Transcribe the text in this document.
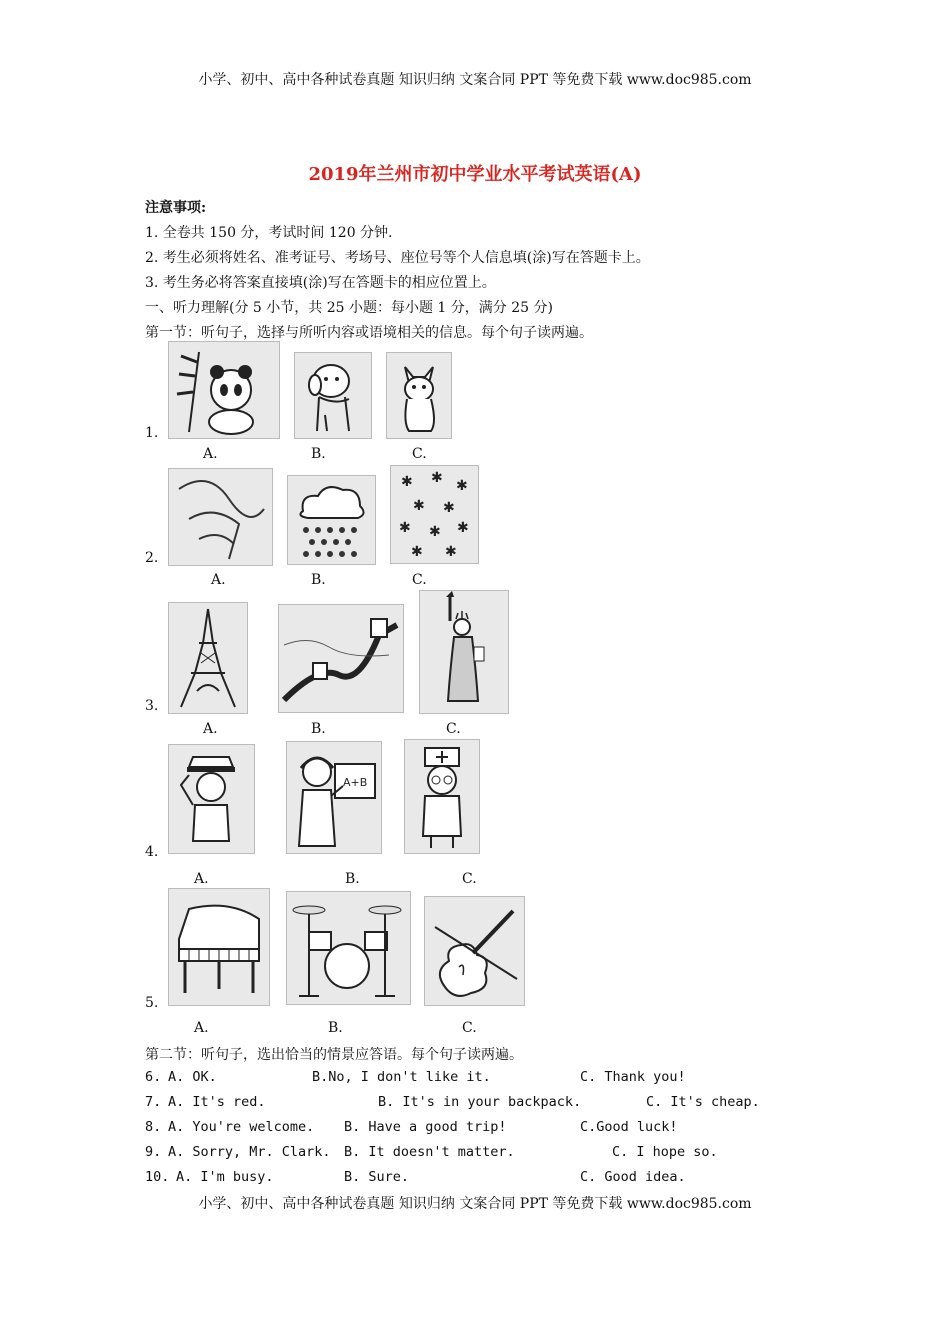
小学、初中、高中各种试卷真题 知识归纳 文案合同 PPT 等免费下载 www.doc985.com
2019年兰州市初中学业水平考试英语(A)
注意事项:
1. 全卷共 150 分，考试时间 120 分钟.
2. 考生必须将姓名、准考证号、考场号、座位号等个人信息填(涂)写在答题卡上。
3. 考生务必将答案直接填(涂)写在答题卡的相应位置上。
一、听力理解(分 5 小节，共 25 小题：每小题 1 分，满分 25 分)
第一节：听句子，选择与所听内容或语境相关的信息。每个句子读两遍。
1.
A.	B.	C.
2.
✱ ✱ ✱
✱ ✱
✱ ✱ ✱
✱ ✱
A.	B.	C.
3.
A.	B.	C.
4.
A+B
A.	B.	C.
5.
A.	B.	C.
第二节：听句子，选出恰当的情景应答语。每个句子读两遍。
6. A. OK.	B.No, I don't like it.	C. Thank you!
7. A. It's red.	B. It's in your backpack.	C. It's cheap.
8. A. You're welcome. B. Have a good trip!	C.Good luck!
9. A. Sorry, Mr. Clark. B. It doesn't matter.	C. I hope so.
10. A. I'm busy.	B. Sure.	C. Good idea.
小学、初中、高中各种试卷真题 知识归纳 文案合同 PPT 等免费下载 www.doc985.com
